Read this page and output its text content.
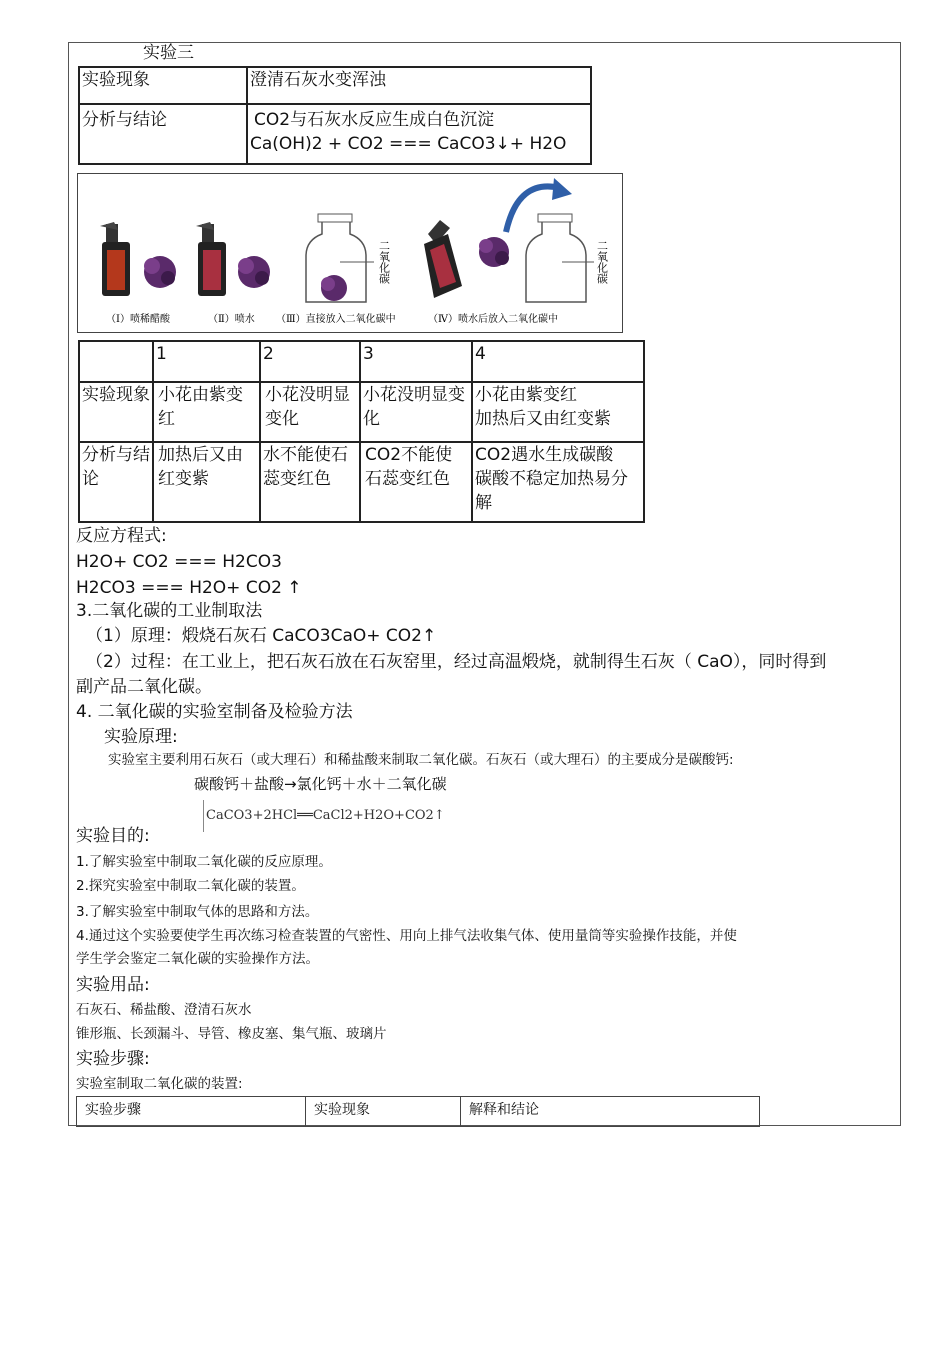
实验三
实验现象	澄清石灰水变浑浊
分析与结论	CO2与石灰水反应生成白色沉淀
Ca(OH)2 + CO2 === CaCO3↓+ H2O
二氧化碳	二氧化碳
（Ⅰ）喷稀醋酸	（Ⅱ）喷水 （Ⅲ）直接放入二氧化碳中	（Ⅳ）喷水后放入二氧化碳中
	1	2	3	4
实验现象	小花由紫变红	小花没明显变化	小花没明显变化	小花由紫变红
加热后又由红变紫
分析与结论	加热后又由红变紫	水不能使石蕊变红色	CO2不能使石蕊变红色	CO2遇水生成碳酸
碳酸不稳定加热易分解
反应方程式:
H2O+ CO2 === H2CO3
H2CO3 === H2O+ CO2 ↑
3.二氧化碳的工业制取法
（1）原理：煅烧石灰石 CaCO3CaO+ CO2↑
（2）过程：在工业上，把石灰石放在石灰窑里，经过高温煅烧，就制得生石灰（ CaO），同时得到
副产品二氧化碳。
4. 二氧化碳的实验室制备及检验方法
实验原理:
实验室主要利用石灰石（或大理石）和稀盐酸来制取二氧化碳。石灰石（或大理石）的主要成分是碳酸钙:
碳酸钙＋盐酸→氯化钙＋水＋二氧化碳
CaCO3+2HCl══CaCl2+H2O+CO2↑
实验目的:
1.了解实验室中制取二氧化碳的反应原理。
2.探究实验室中制取二氧化碳的装置。
3.了解实验室中制取气体的思路和方法。
4.通过这个实验要使学生再次练习检查装置的气密性、用向上排气法收集气体、使用量筒等实验操作技能，并使
学生学会鉴定二氧化碳的实验操作方法。
实验用品:
石灰石、稀盐酸、澄清石灰水
锥形瓶、长颈漏斗、导管、橡皮塞、集气瓶、玻璃片
实验步骤:
实验室制取二氧化碳的装置:
实验步骤	实验现象	解释和结论
